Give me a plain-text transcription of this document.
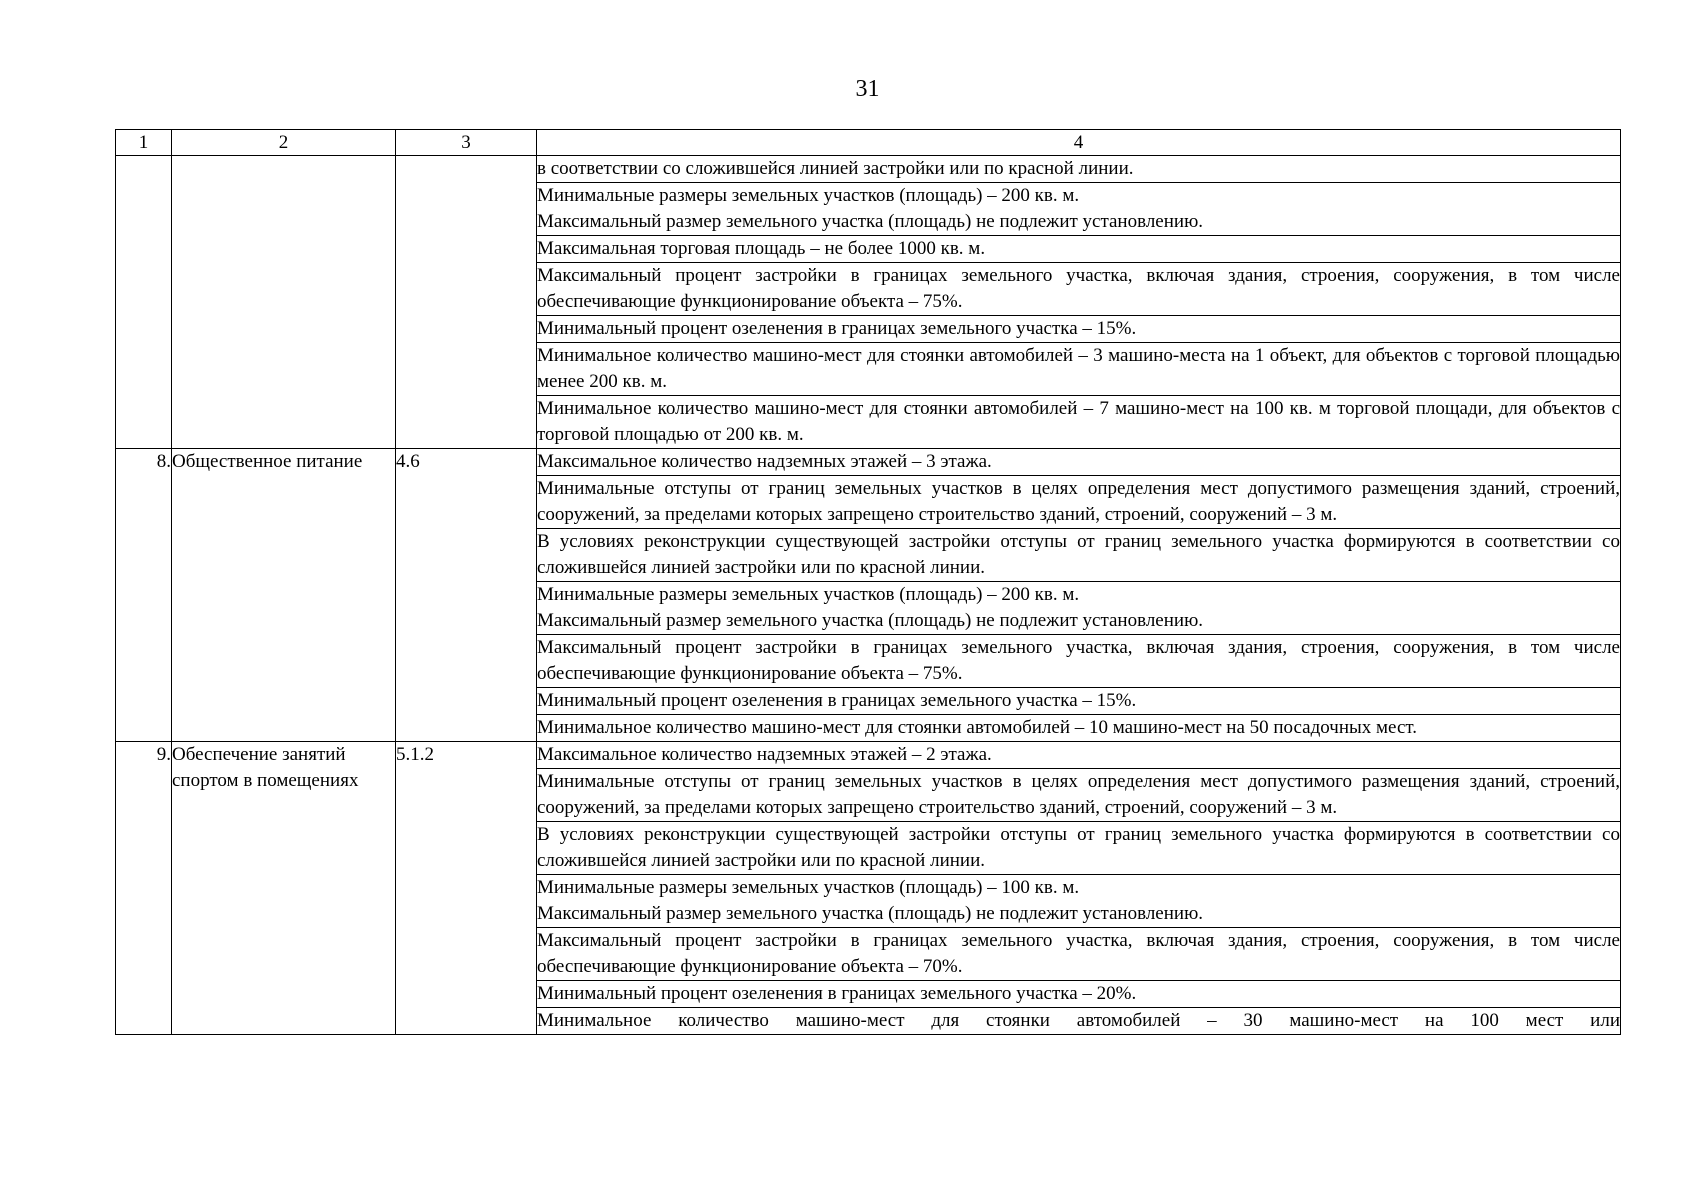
31
1	2	3	4

			в соответствии со сложившейся линией застройки или по красной линии.

			Минимальные размеры земельных участков (площадь) – 200 кв. м.
Максимальный размер земельного участка (площадь) не подлежит установлению.

			Максимальная торговая площадь – не более 1000 кв. м.

			Максимальный процент застройки в границах земельного участка, включая здания, строения, сооружения, в том числе обеспечивающие функционирование объекта – 75%.

			Минимальный процент озеленения в границах земельного участка – 15%.

			Минимальное количество машино-мест для стоянки автомобилей – 3 машино-места на 1 объект, для объектов с торговой площадью менее 200 кв. м.

			Минимальное количество машино-мест для стоянки автомобилей – 7 машино-мест на 100 кв. м торговой площади, для объектов с торговой площадью от 200 кв. м.

8.	Общественное питание	4.6	Максимальное количество надземных этажей – 3 этажа.

			Минимальные отступы от границ земельных участков в целях определения мест допустимого размещения зданий, строений, сооружений, за пределами которых запрещено строительство зданий, строений, сооружений – 3 м.

			В условиях реконструкции существующей застройки отступы от границ земельного участка формируются в соответствии со сложившейся линией застройки или по красной линии.

			Минимальные размеры земельных участков (площадь) – 200 кв. м.
Максимальный размер земельного участка (площадь) не подлежит установлению.

			Максимальный процент застройки в границах земельного участка, включая здания, строения, сооружения, в том числе обеспечивающие функционирование объекта – 75%.

			Минимальный процент озеленения в границах земельного участка – 15%.

			Минимальное количество машино-мест для стоянки автомобилей – 10 машино-мест на 50 посадочных мест.

9.	Обеспечение занятий спортом в помещениях	5.1.2	Максимальное количество надземных этажей – 2 этажа.

			Минимальные отступы от границ земельных участков в целях определения мест допустимого размещения зданий, строений, сооружений, за пределами которых запрещено строительство зданий, строений, сооружений – 3 м.

			В условиях реконструкции существующей застройки отступы от границ земельного участка формируются в соответствии со сложившейся линией застройки или по красной линии.

			Минимальные размеры земельных участков (площадь) – 100 кв. м.
Максимальный размер земельного участка (площадь) не подлежит установлению.

			Максимальный процент застройки в границах земельного участка, включая здания, строения, сооружения, в том числе обеспечивающие функционирование объекта – 70%.

			Минимальный процент озеленения в границах земельного участка – 20%.

			Минимальное количество машино-мест для стоянки автомобилей – 30 машино-мест на 100 мест или
